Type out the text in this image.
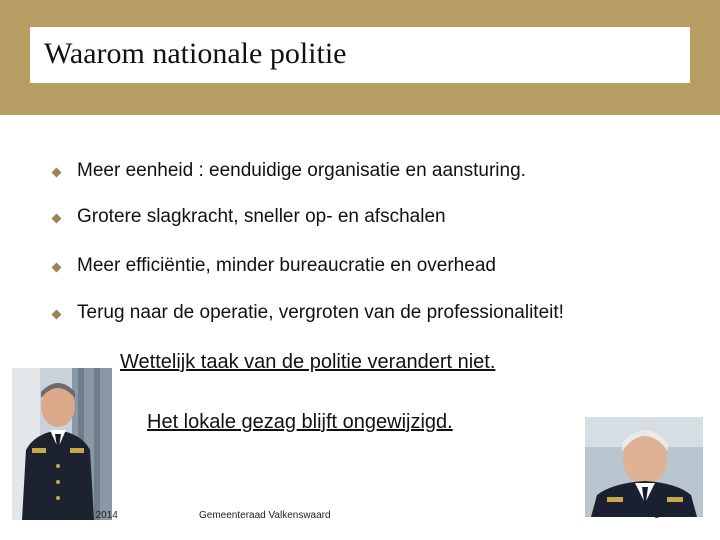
Waarom nationale politie
Meer eenheid : eenduidige organisatie en aansturing.
Grotere slagkracht, sneller op- en afschalen
Meer efficiëntie, minder bureaucratie en overhead
Terug naar de operatie, vergroten van de professionaliteit!
Wettelijk taak van de politie verandert niet.
Het lokale gezag blijft ongewijzigd.
29 sept 2014	Gemeenteraad Valkenswaard	3
